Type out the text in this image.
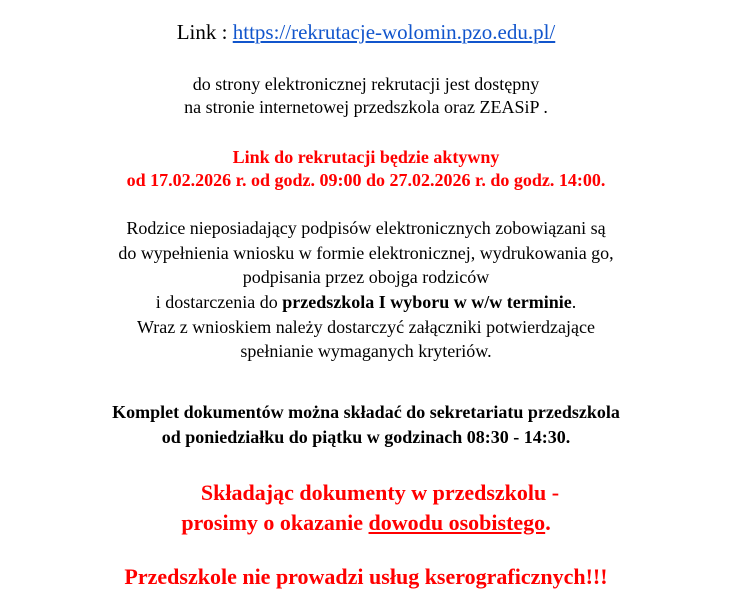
Link : https://rekrutacje-wolomin.pzo.edu.pl/
do strony elektronicznej rekrutacji jest dostępny
na stronie internetowej przedszkola oraz ZEASiP .
Link do rekrutacji będzie aktywny
od 17.02.2026 r. od godz. 09:00 do 27.02.2026 r. do godz. 14:00.
Rodzice nieposiadający podpisów elektronicznych zobowiązani są
do wypełnienia wniosku w formie elektronicznej, wydrukowania go,
podpisania przez obojga rodziców
i dostarczenia do przedszkola I wyboru w w/w terminie.
Wraz z wnioskiem należy dostarczyć załączniki potwierdzające
spełnianie wymaganych kryteriów.
Komplet dokumentów można składać do sekretariatu przedszkola
od poniedziałku do piątku w godzinach 08:30 - 14:30.
Składając dokumenty w przedszkolu -
prosimy o okazanie dowodu osobistego.
Przedszkole nie prowadzi usług kserograficznych!!!
